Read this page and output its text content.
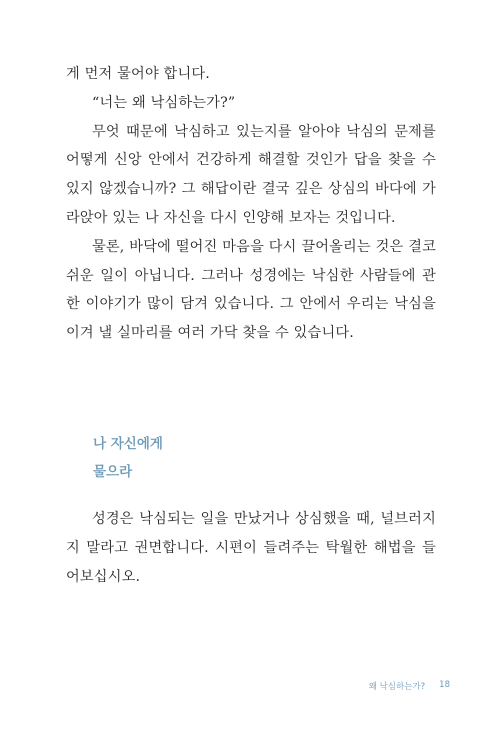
게 먼저 물어야 합니다.

“너는 왜 낙심하는가?”

무엇 때문에 낙심하고 있는지를 알아야 낙심의 문제를 어떻게 신앙 안에서 건강하게 해결할 것인가 답을 찾을 수 있지 않겠습니까? 그 해답이란 결국 깊은 상심의 바다에 가라앉아 있는 나 자신을 다시 인양해 보자는 것입니다.

물론, 바닥에 떨어진 마음을 다시 끌어올리는 것은 결코 쉬운 일이 아닙니다. 그러나 성경에는 낙심한 사람들에 관한 이야기가 많이 담겨 있습니다. 그 안에서 우리는 낙심을 이겨 낼 실마리를 여러 가닥 찾을 수 있습니다.

나 자신에게
물으라

성경은 낙심되는 일을 만났거나 상심했을 때, 널브러지지 말라고 권면합니다. 시편이 들려주는 탁월한 해법을 들어보십시오.

왜 낙심하는가? 18
